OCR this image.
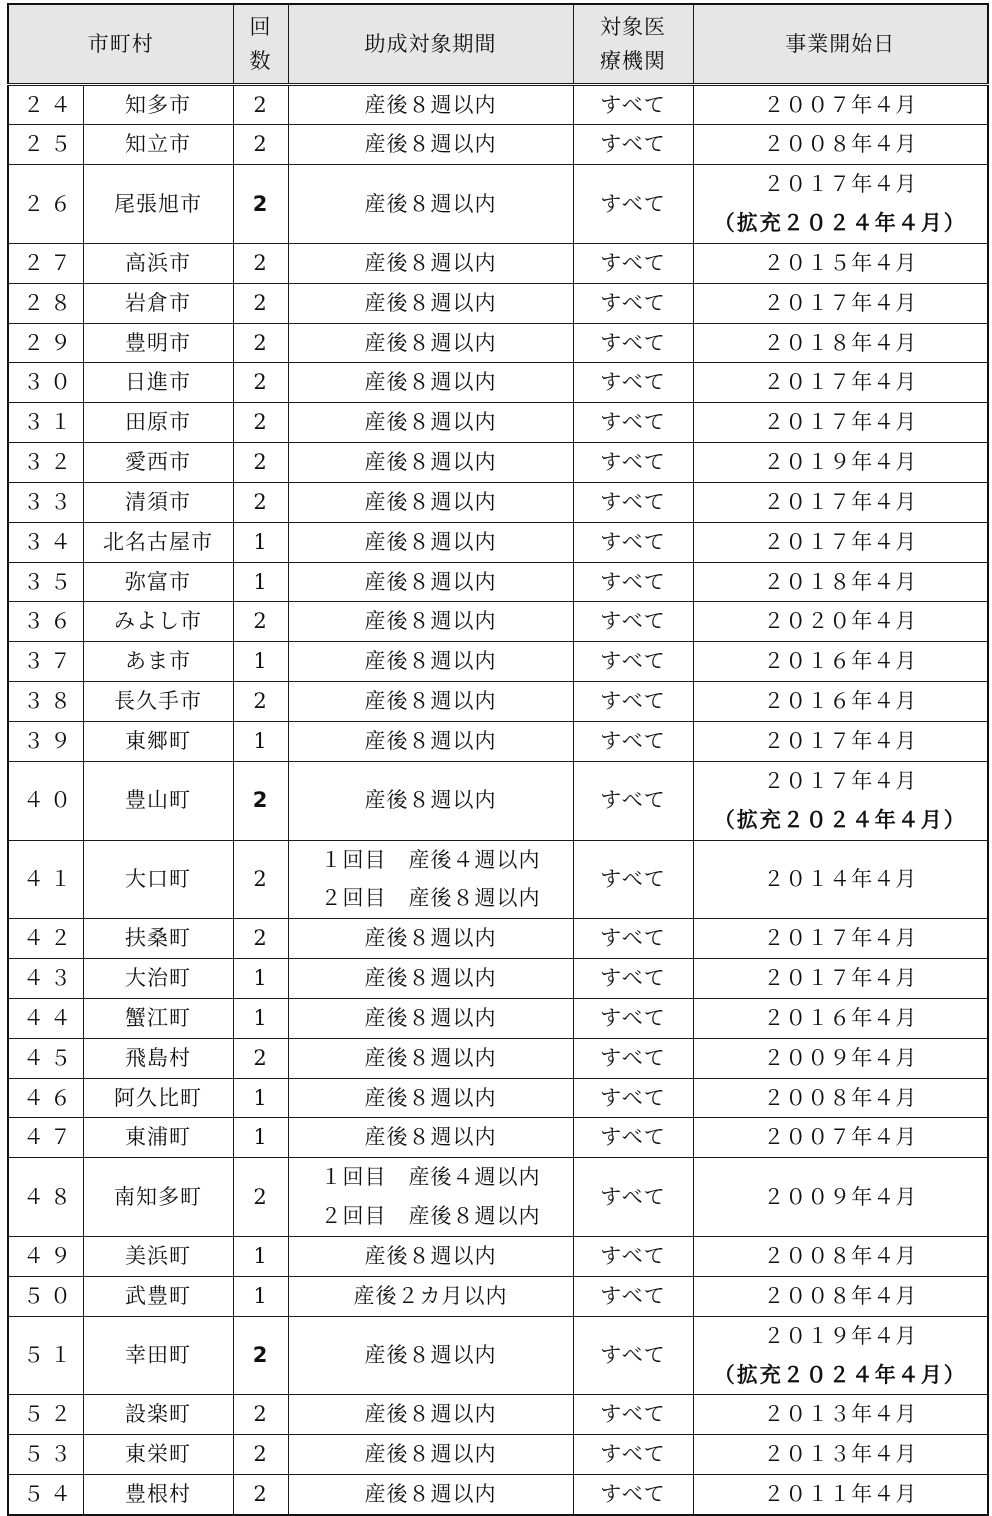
市町村		回数	助成対象期間	対象医療機関	事業開始日
２４	知多市	2	産後８週以内	すべて	２００７年４月

２５	知立市	2	産後８週以内	すべて	２００８年４月

２６	尾張旭市	2	産後８週以内	すべて	２０１７年４月
（拡充２０２４年４月）

２７	高浜市	2	産後８週以内	すべて	２０１５年４月

２８	岩倉市	2	産後８週以内	すべて	２０１７年４月

２９	豊明市	2	産後８週以内	すべて	２０１８年４月

３０	日進市	2	産後８週以内	すべて	２０１７年４月

３１	田原市	2	産後８週以内	すべて	２０１７年４月

３２	愛西市	2	産後８週以内	すべて	２０１９年４月

３３	清須市	2	産後８週以内	すべて	２０１７年４月

３４	北名古屋市	1	産後８週以内	すべて	２０１７年４月

３５	弥富市	1	産後８週以内	すべて	２０１８年４月

３６	みよし市	2	産後８週以内	すべて	２０２０年４月

３７	あま市	1	産後８週以内	すべて	２０１６年４月

３８	長久手市	2	産後８週以内	すべて	２０１６年４月

３９	東郷町	1	産後８週以内	すべて	２０１７年４月

４０	豊山町	2	産後８週以内	すべて	２０１７年４月
（拡充２０２４年４月）

４１	大口町	2	１回目　産後４週以内
２回目　産後８週以内	すべて	２０１４年４月

４２	扶桑町	2	産後８週以内	すべて	２０１７年４月

４３	大治町	1	産後８週以内	すべて	２０１７年４月

４４	蟹江町	1	産後８週以内	すべて	２０１６年４月

４５	飛島村	2	産後８週以内	すべて	２００９年４月

４６	阿久比町	1	産後８週以内	すべて	２００８年４月

４７	東浦町	1	産後８週以内	すべて	２００７年４月

４８	南知多町	2	１回目　産後４週以内
２回目　産後８週以内	すべて	２００９年４月

４９	美浜町	1	産後８週以内	すべて	２００８年４月

５０	武豊町	1	産後２カ月以内	すべて	２００８年４月

５１	幸田町	2	産後８週以内	すべて	２０１９年４月
（拡充２０２４年４月）

５２	設楽町	2	産後８週以内	すべて	２０１３年４月

５３	東栄町	2	産後８週以内	すべて	２０１３年４月

５４	豊根村	2	産後８週以内	すべて	２０１１年４月
